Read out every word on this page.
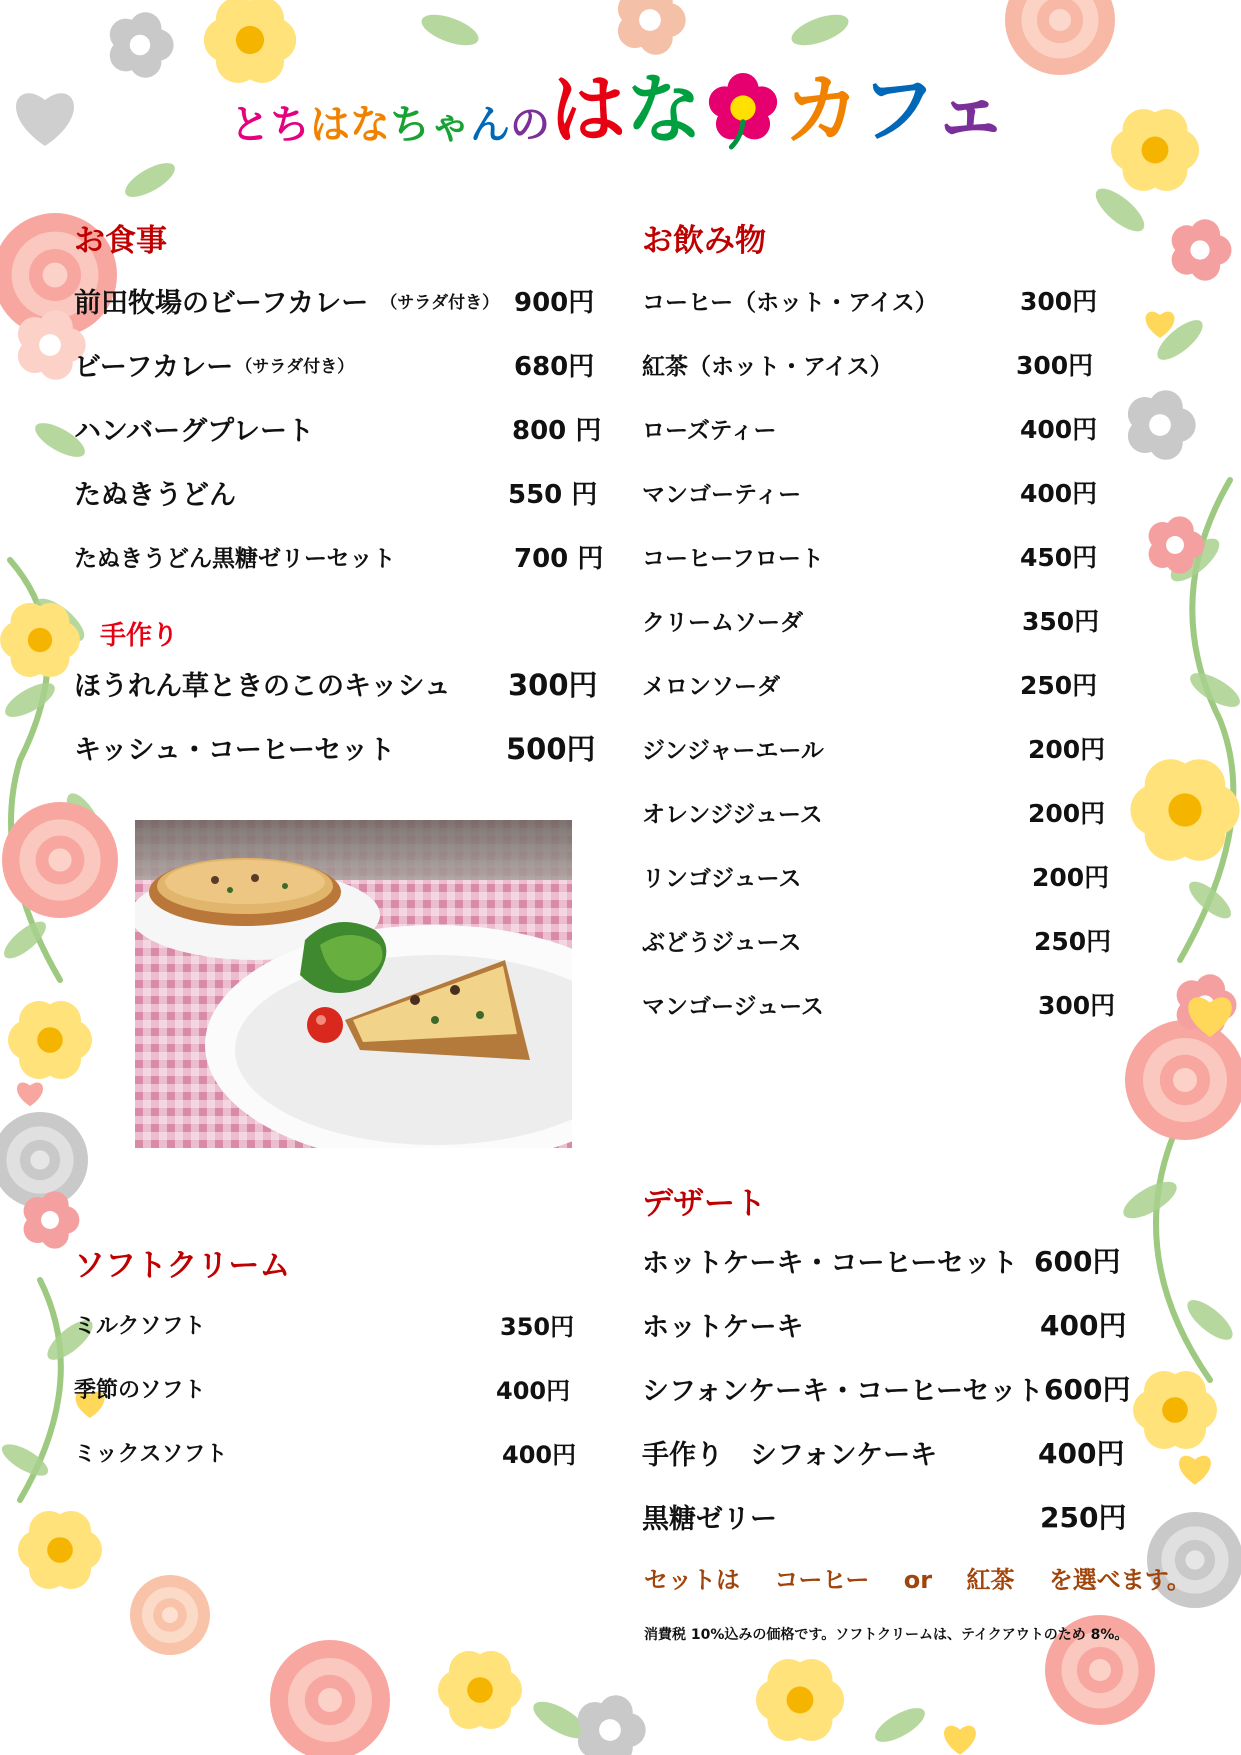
とちはなちゃんの はな カフェ
お食事
前田牧場のビーフカレー （サラダ付き） 900円
ビーフカレー （サラダ付き）	680円
ハンバーグプレート	800 円
たぬきうどん	550 円
たぬきうどん黒糖ゼリーセット	700 円
手作り
ほうれん草ときのこのキッシュ 300円
キッシュ・コーヒーセット	500円
お飲み物
コーヒー（ホット・アイス）	300円
紅茶（ホット・アイス）	300円
ローズティー	400円
マンゴーティー	400円
コーヒーフロート	450円
クリームソーダ	350円
メロンソーダ	250円
ジンジャーエール	200円
オレンジジュース	200円
リンゴジュース	200円
ぶどうジュース	250円
マンゴージュース	300円
ソフトクリーム
ミルクソフト	350円
季節のソフト	400円
ミックスソフト	400円
デザート
ホットケーキ・コーヒーセット 600円
ホットケーキ	400円
シフォンケーキ・コーヒーセット 600円
手作り　シフォンケーキ	400円
黒糖ゼリー	250円
セットは コーヒー or 紅茶 を選べます。
消費税 10%込みの価格です。ソフトクリームは、テイクアウトのため 8%。
